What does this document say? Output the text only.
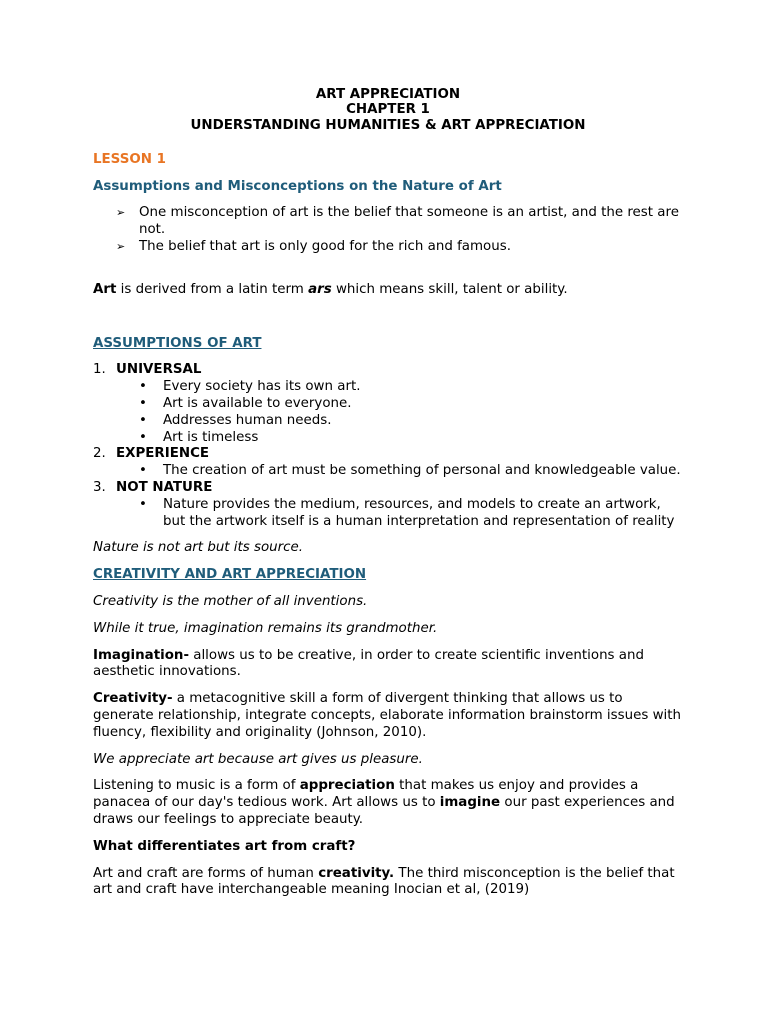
ART APPRECIATION
CHAPTER 1
UNDERSTANDING HUMANITIES & ART APPRECIATION
LESSON 1
Assumptions and Misconceptions on the Nature of Art
➢ One misconception of art is the belief that someone is an artist, and the rest are not.
➢ The belief that art is only good for the rich and famous.

Art is derived from a latin term ars which means skill, talent or ability.

ASSUMPTIONS OF ART
1. UNIVERSAL
• Every society has its own art.
• Art is available to everyone.
• Addresses human needs.
• Art is timeless
2. EXPERIENCE
• The creation of art must be something of personal and knowledgeable value.
3. NOT NATURE
• Nature provides the medium, resources, and models to create an artwork, but the artwork itself is a human interpretation and representation of reality

Nature is not art but its source.

CREATIVITY AND ART APPRECIATION

Creativity is the mother of all inventions.

While it true, imagination remains its grandmother.

Imagination- allows us to be creative, in order to create scientific inventions and aesthetic innovations.

Creativity- a metacognitive skill a form of divergent thinking that allows us to generate relationship, integrate concepts, elaborate information brainstorm issues with fluency, flexibility and originality (Johnson, 2010).

We appreciate art because art gives us pleasure.

Listening to music is a form of appreciation that makes us enjoy and provides a panacea of our day's tedious work. Art allows us to imagine our past experiences and draws our feelings to appreciate beauty.

What differentiates art from craft?

Art and craft are forms of human creativity. The third misconception is the belief that art and craft have interchangeable meaning Inocian et al, (2019)
